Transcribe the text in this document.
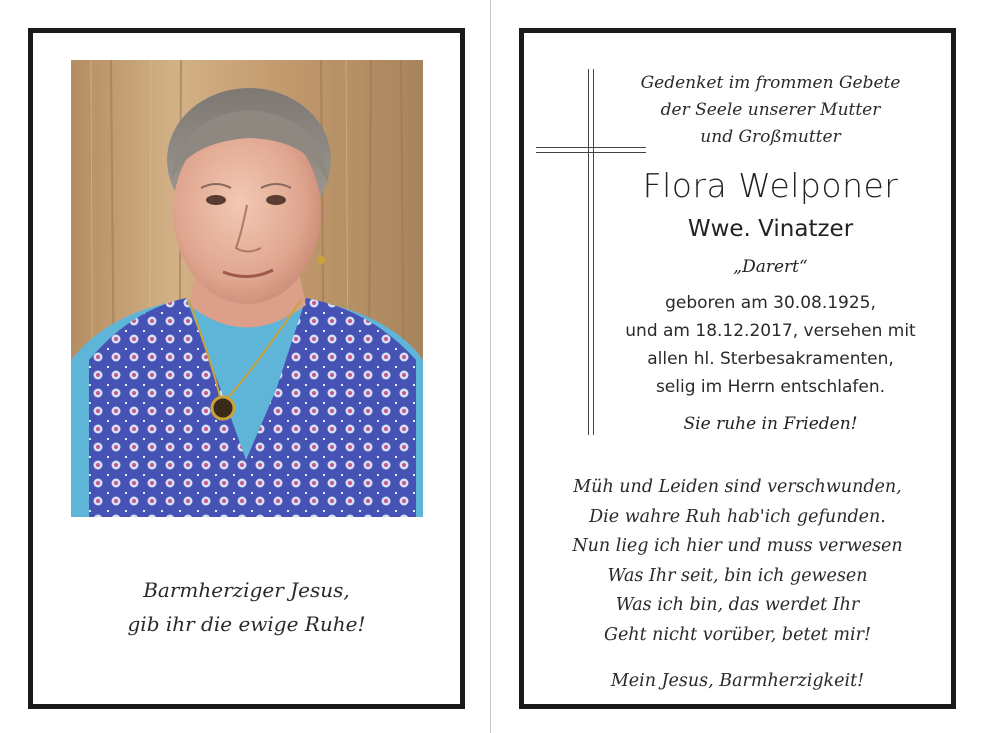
Barmherziger Jesus,
gib ihr die ewige Ruhe!
Gedenket im frommen Gebete
der Seele unserer Mutter
und Großmutter
Flora Welponer
Wwe. Vinatzer
„Darert“
geboren am 30.08.1925,
und am 18.12.2017, versehen mit
allen hl. Sterbesakramenten,
selig im Herrn entschlafen.
Sie ruhe in Frieden!
Müh und Leiden sind verschwunden,
Die wahre Ruh hab'ich gefunden.
Nun lieg ich hier und muss verwesen
Was Ihr seit, bin ich gewesen
Was ich bin, das werdet Ihr
Geht nicht vorüber, betet mir!
Mein Jesus, Barmherzigkeit!
